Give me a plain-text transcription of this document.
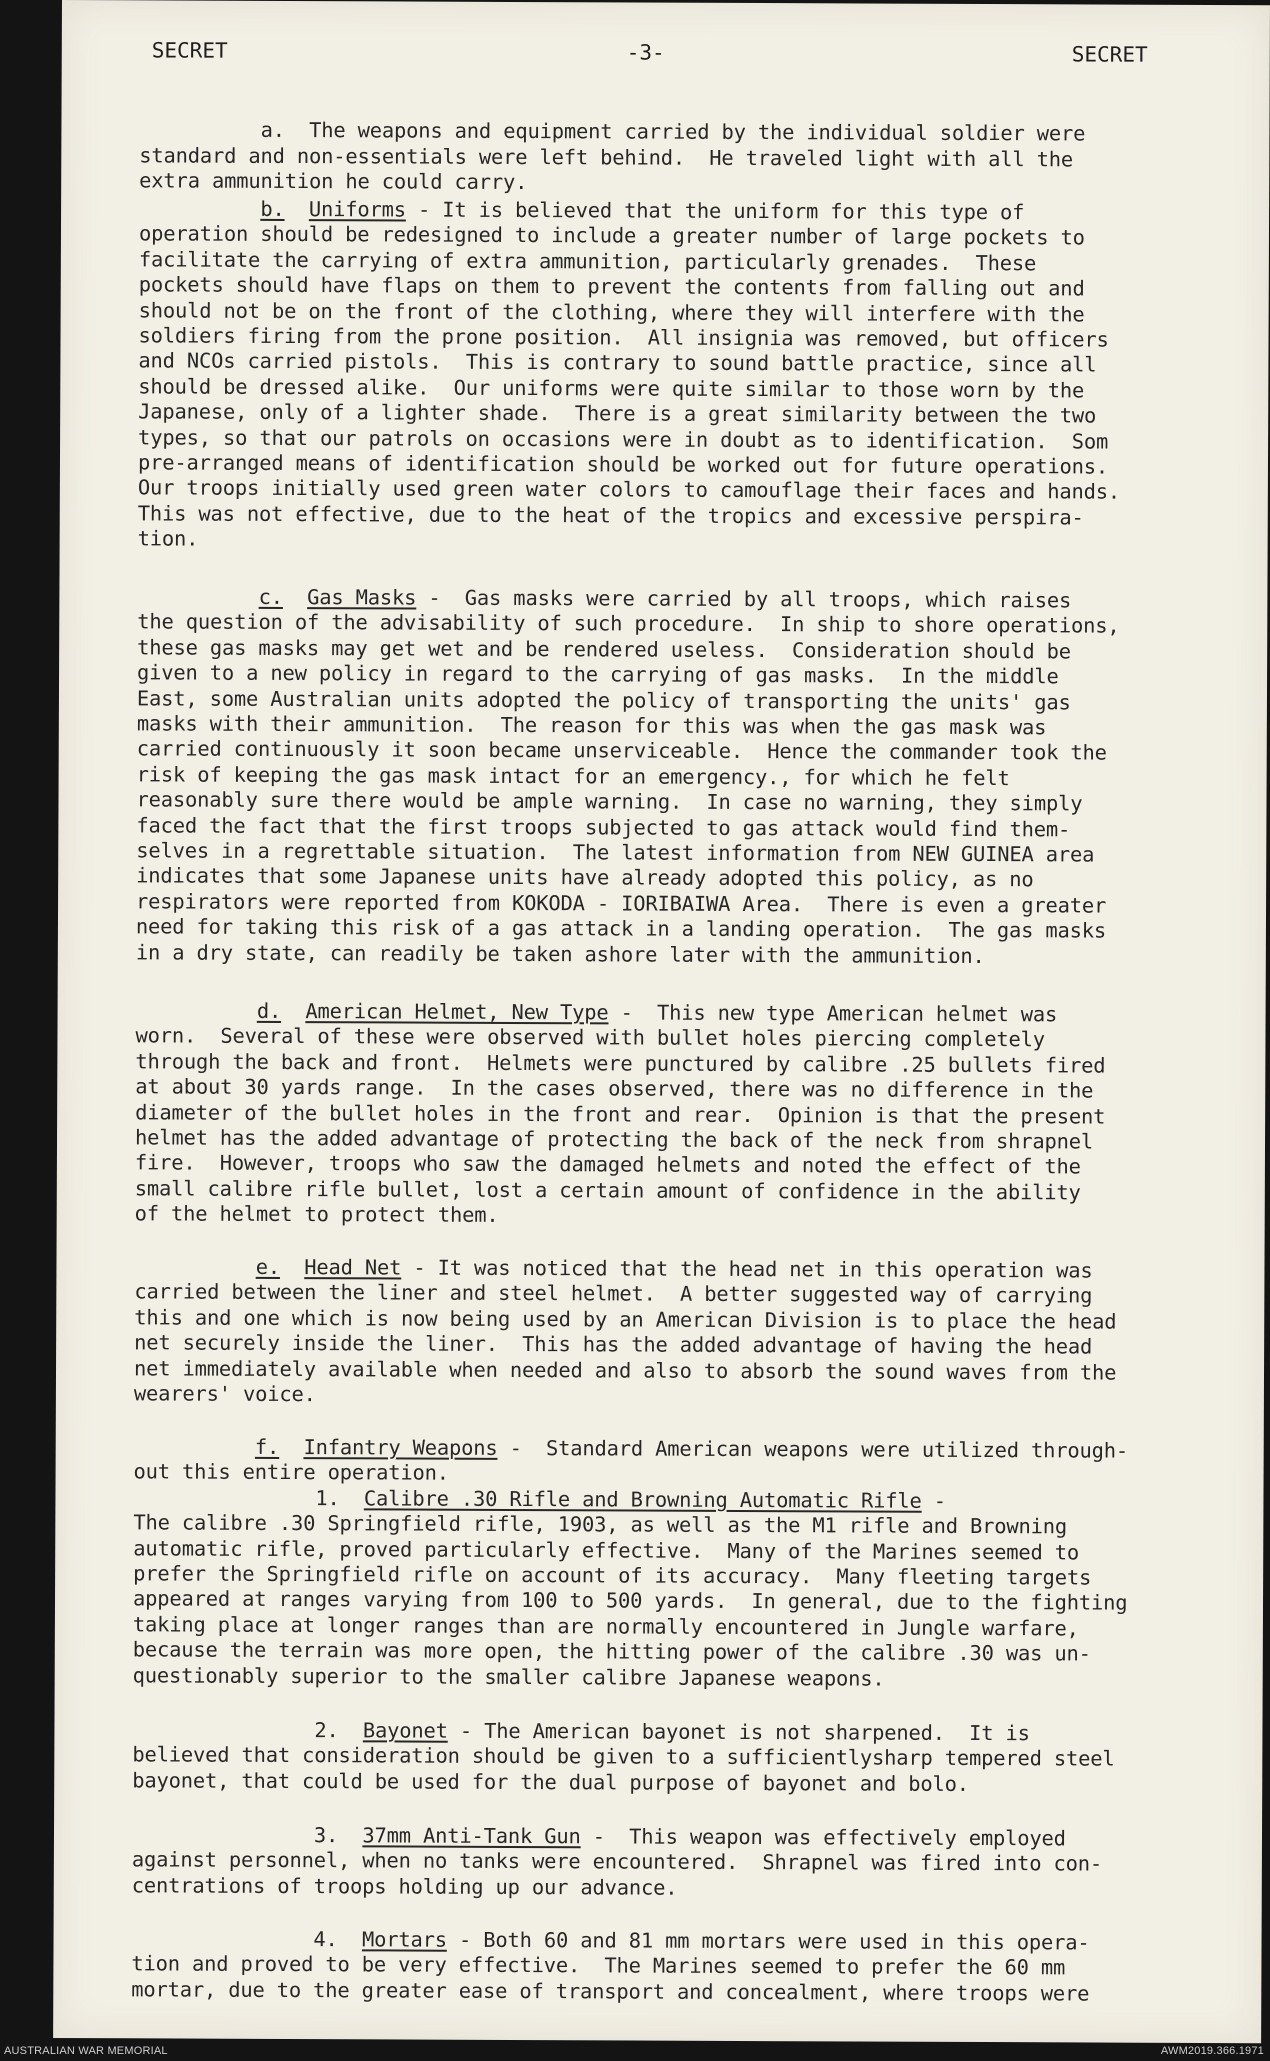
SECRET	-3-	SECRET

a.  The weapons and equipment carried by the individual soldier were
standard and non-essentials were left behind.  He traveled light with all the
extra ammunition he could carry.
b. Uniforms - It is believed that the uniform for this type of
operation should be redesigned to include a greater number of large pockets to
facilitate the carrying of extra ammunition, particularly grenades.  These
pockets should have flaps on them to prevent the contents from falling out and
should not be on the front of the clothing, where they will interfere with the
soldiers firing from the prone position.  All insignia was removed, but officers
and NCOs carried pistols.  This is contrary to sound battle practice, since all
should be dressed alike.  Our uniforms were quite similar to those worn by the
Japanese, only of a lighter shade.  There is a great similarity between the two
types, so that our patrols on occasions were in doubt as to identification.  Som
pre-arranged means of identification should be worked out for future operations.
Our troops initially used green water colors to camouflage their faces and hands.
This was not effective, due to the heat of the tropics and excessive perspira-
tion.
c. Gas Masks -  Gas masks were carried by all troops, which raises
the question of the advisability of such procedure.  In ship to shore operations,
these gas masks may get wet and be rendered useless.  Consideration should be
given to a new policy in regard to the carrying of gas masks.  In the middle
East, some Australian units adopted the policy of transporting the units' gas
masks with their ammunition.  The reason for this was when the gas mask was
carried continuously it soon became unserviceable.  Hence the commander took the
risk of keeping the gas mask intact for an emergency., for which he felt
reasonably sure there would be ample warning.  In case no warning, they simply
faced the fact that the first troops subjected to gas attack would find them-
selves in a regrettable situation.  The latest information from NEW GUINEA area
indicates that some Japanese units have already adopted this policy, as no
respirators were reported from KOKODA - IORIBAIWA Area.  There is even a greater
need for taking this risk of a gas attack in a landing operation.  The gas masks
in a dry state, can readily be taken ashore later with the ammunition.
d. American Helmet, New Type -  This new type American helmet was
worn.  Several of these were observed with bullet holes piercing completely
through the back and front.  Helmets were punctured by calibre .25 bullets fired
at about 30 yards range.  In the cases observed, there was no difference in the
diameter of the bullet holes in the front and rear.  Opinion is that the present
helmet has the added advantage of protecting the back of the neck from shrapnel
fire.  However, troops who saw the damaged helmets and noted the effect of the
small calibre rifle bullet, lost a certain amount of confidence in the ability
of the helmet to protect them.
e. Head Net - It was noticed that the head net in this operation was
carried between the liner and steel helmet.  A better suggested way of carrying
this and one which is now being used by an American Division is to place the head
net securely inside the liner.  This has the added advantage of having the head
net immediately available when needed and also to absorb the sound waves from the
wearers' voice.
f. Infantry Weapons -  Standard American weapons were utilized through-
out this entire operation.
1. Calibre .30 Rifle and Browning Automatic Rifle -
The calibre .30 Springfield rifle, 1903, as well as the M1 rifle and Browning
automatic rifle, proved particularly effective.  Many of the Marines seemed to
prefer the Springfield rifle on account of its accuracy.  Many fleeting targets
appeared at ranges varying from 100 to 500 yards.  In general, due to the fighting
taking place at longer ranges than are normally encountered in Jungle warfare,
because the terrain was more open, the hitting power of the calibre .30 was un-
questionably superior to the smaller calibre Japanese weapons.
2. Bayonet - The American bayonet is not sharpened.  It is
believed that consideration should be given to a sufficientlysharp tempered steel
bayonet, that could be used for the dual purpose of bayonet and bolo.
3. 37mm Anti-Tank Gun -  This weapon was effectively employed
against personnel, when no tanks were encountered.  Shrapnel was fired into con-
centrations of troops holding up our advance.
4. Mortars - Both 60 and 81 mm mortars were used in this opera-
tion and proved to be very effective.  The Marines seemed to prefer the 60 mm
mortar, due to the greater ease of transport and concealment, where troops were
AUSTRALIAN WAR MEMORIAL	AWM2019.366.1971
